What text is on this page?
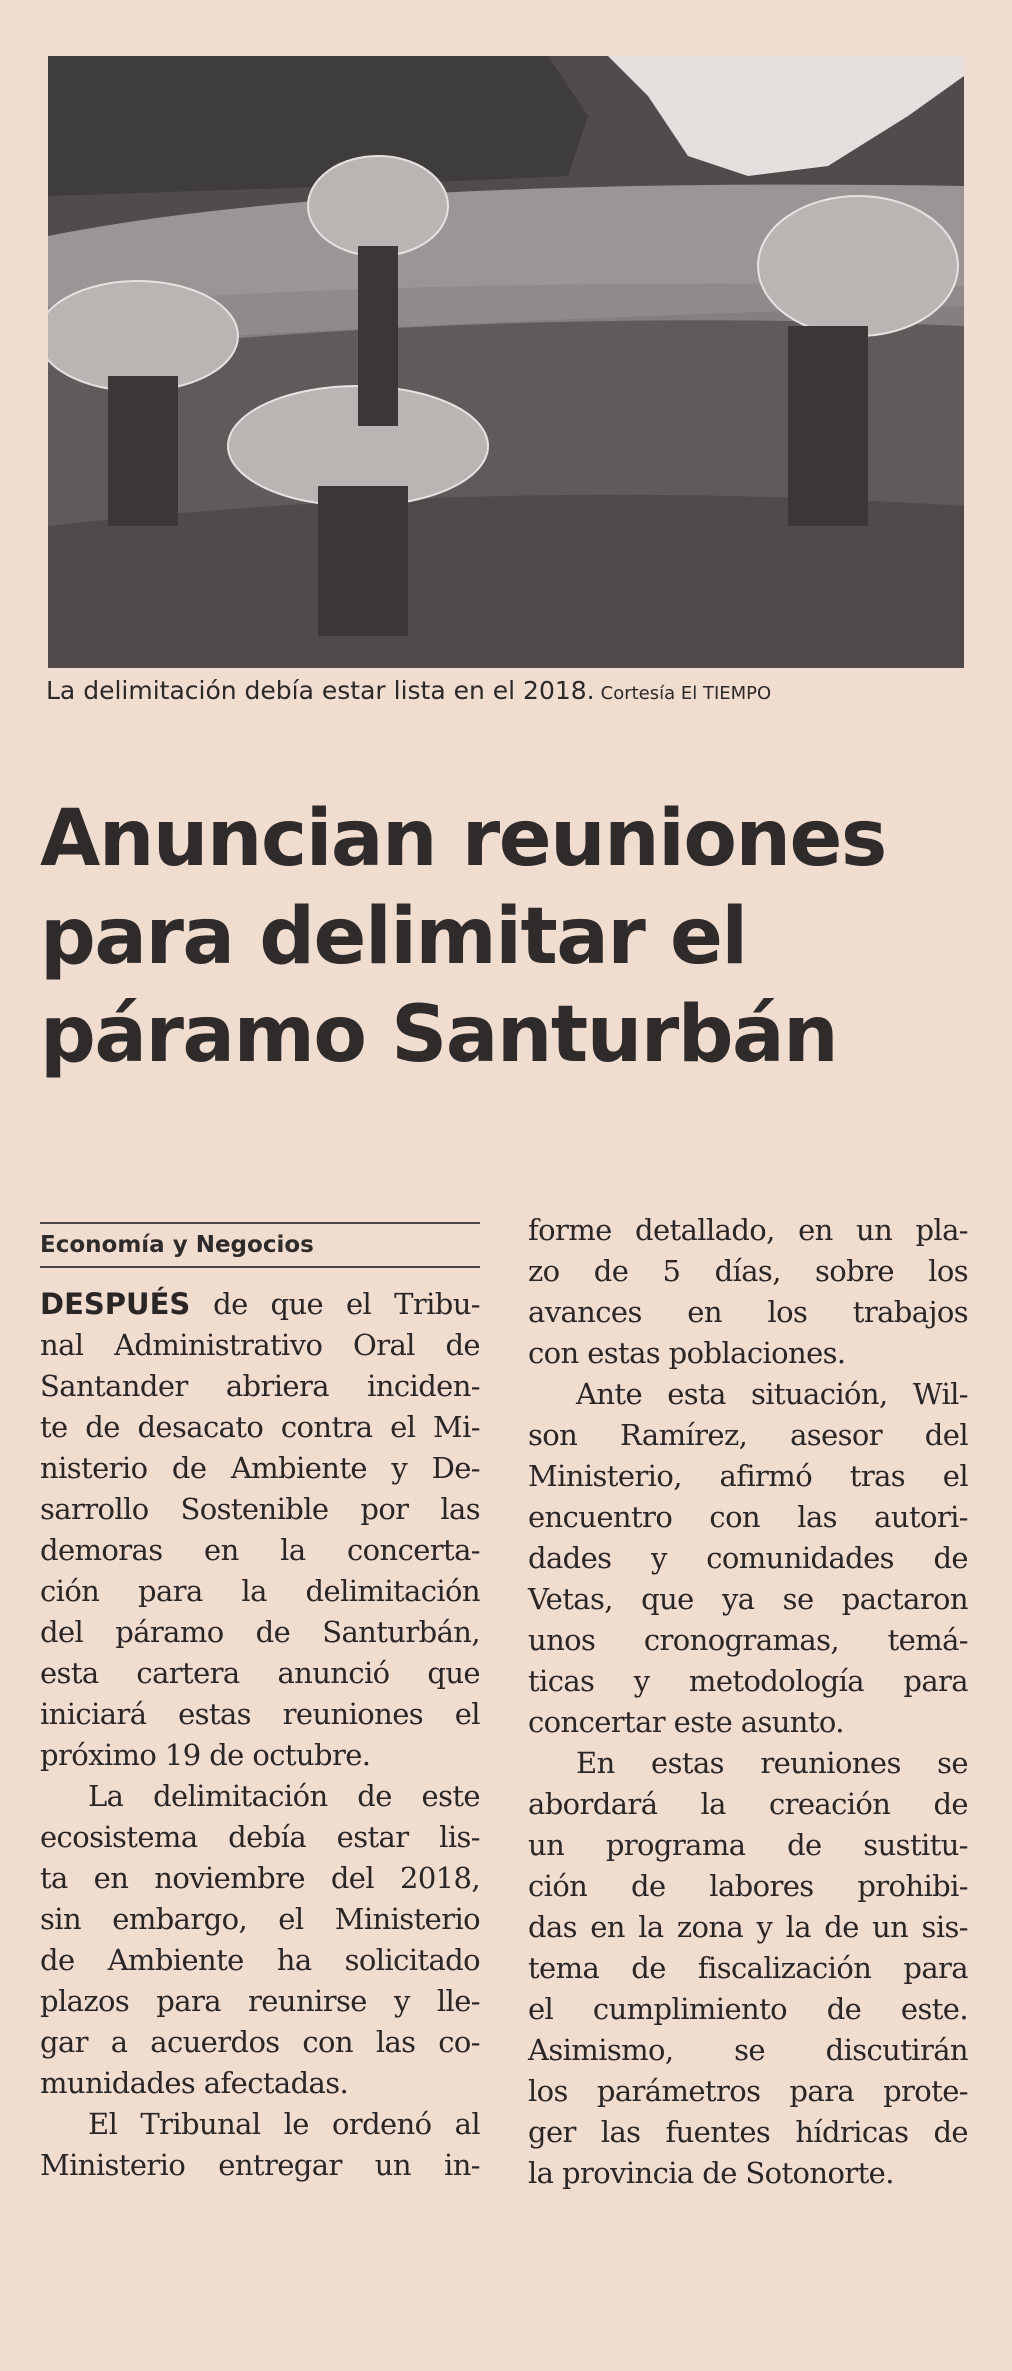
La delimitación debía estar lista en el 2018. Cortesía El TIEMPO
Anuncian reuniones
para delimitar el
páramo Santurbán
Economía y Negocios
DESPUÉS de que el Tribu-
nal Administrativo Oral de
Santander abriera inciden-
te de desacato contra el Mi-
nisterio de Ambiente y De-
sarrollo Sostenible por las
demoras en la concerta-
ción para la delimitación
del páramo de Santurbán,
esta cartera anunció que
iniciará estas reuniones el
próximo 19 de octubre.
La delimitación de este
ecosistema debía estar lis-
ta en noviembre del 2018,
sin embargo, el Ministerio
de Ambiente ha solicitado
plazos para reunirse y lle-
gar a acuerdos con las co-
munidades afectadas.
El Tribunal le ordenó al
Ministerio entregar un in-
forme detallado, en un pla-
zo de 5 días, sobre los
avances en los trabajos
con estas poblaciones.
Ante esta situación, Wil-
son Ramírez, asesor del
Ministerio, afirmó tras el
encuentro con las autori-
dades y comunidades de
Vetas, que ya se pactaron
unos cronogramas, temá-
ticas y metodología para
concertar este asunto.
En estas reuniones se
abordará la creación de
un programa de sustitu-
ción de labores prohibi-
das en la zona y la de un sis-
tema de fiscalización para
el cumplimiento de este.
Asimismo, se discutirán
los parámetros para prote-
ger las fuentes hídricas de
la provincia de Sotonorte.
